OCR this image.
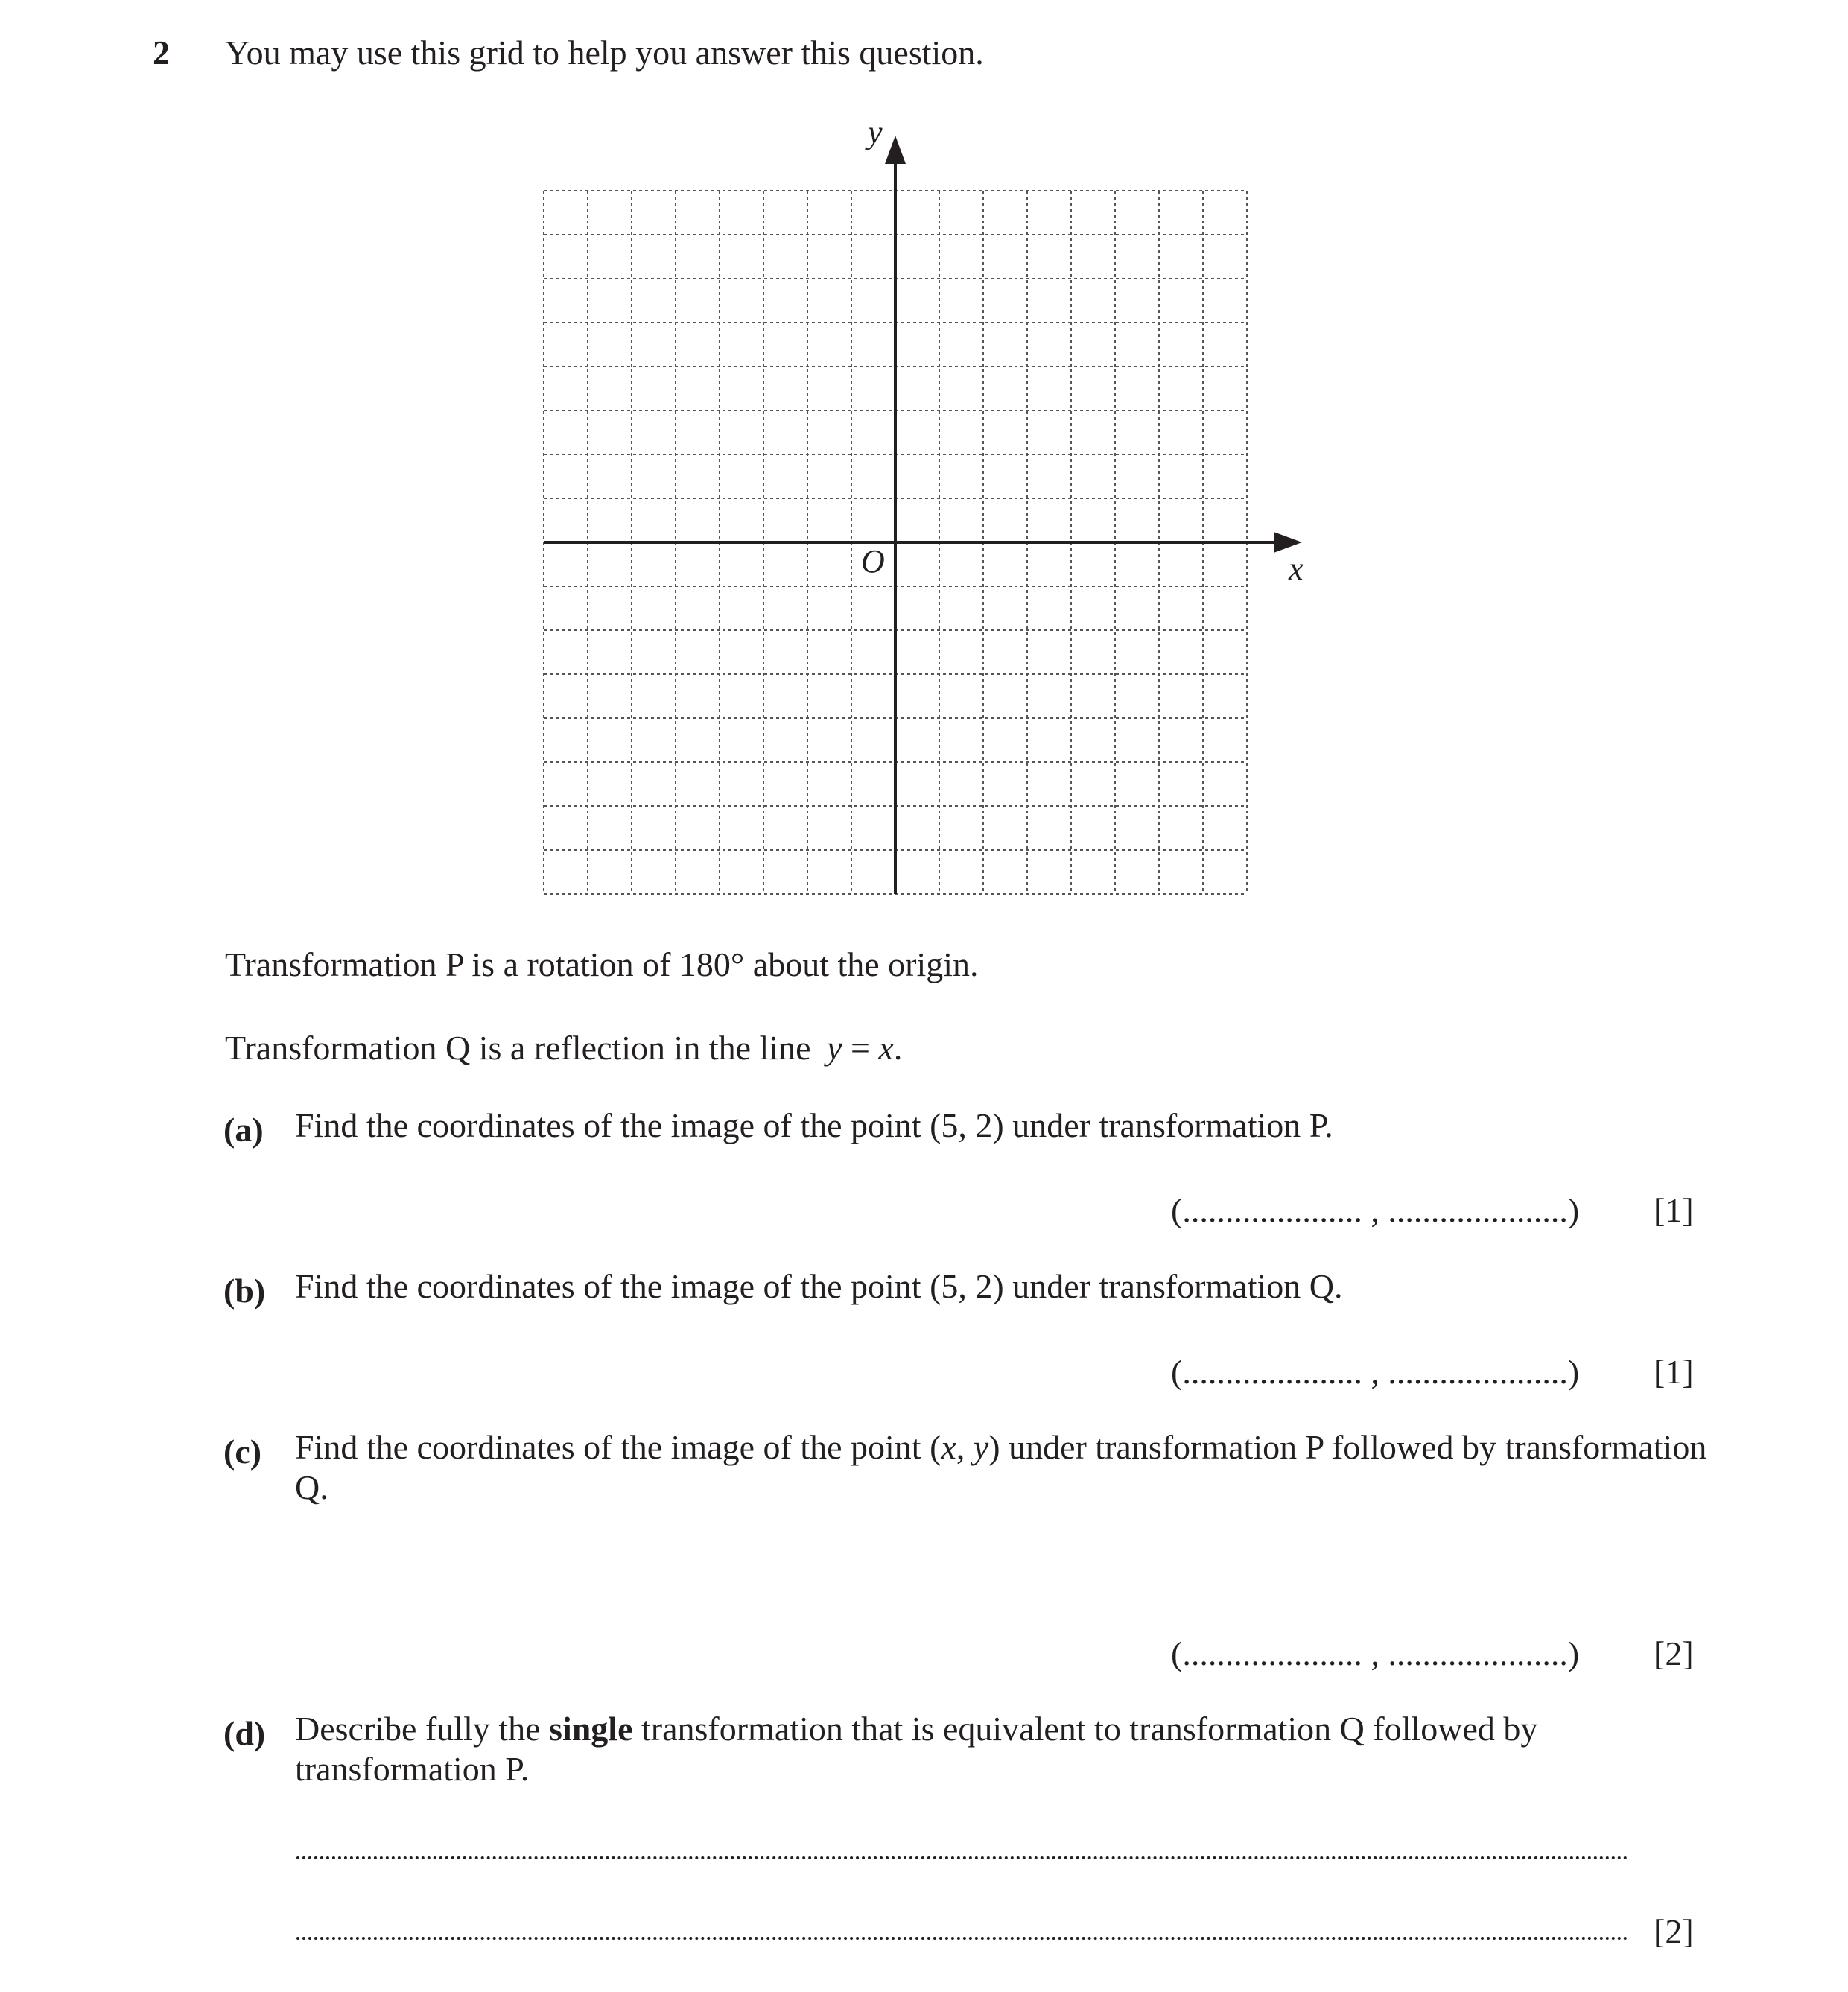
2 You may use this grid to help you answer this question.
y
x
O
Transformation P is a rotation of 180° about the origin.
Transformation Q is a reflection in the line y = x.
(a) Find the coordinates of the image of the point (5, 2) under transformation P.
(..................... , .....................) [1]
(b) Find the coordinates of the image of the point (5, 2) under transformation Q.
(..................... , .....................) [1]
(c) Find the coordinates of the image of the point (x, y) under transformation P followed by transformation Q.
(..................... , .....................) [2]
(d) Describe fully the single transformation that is equivalent to transformation Q followed by transformation P.
[2]
